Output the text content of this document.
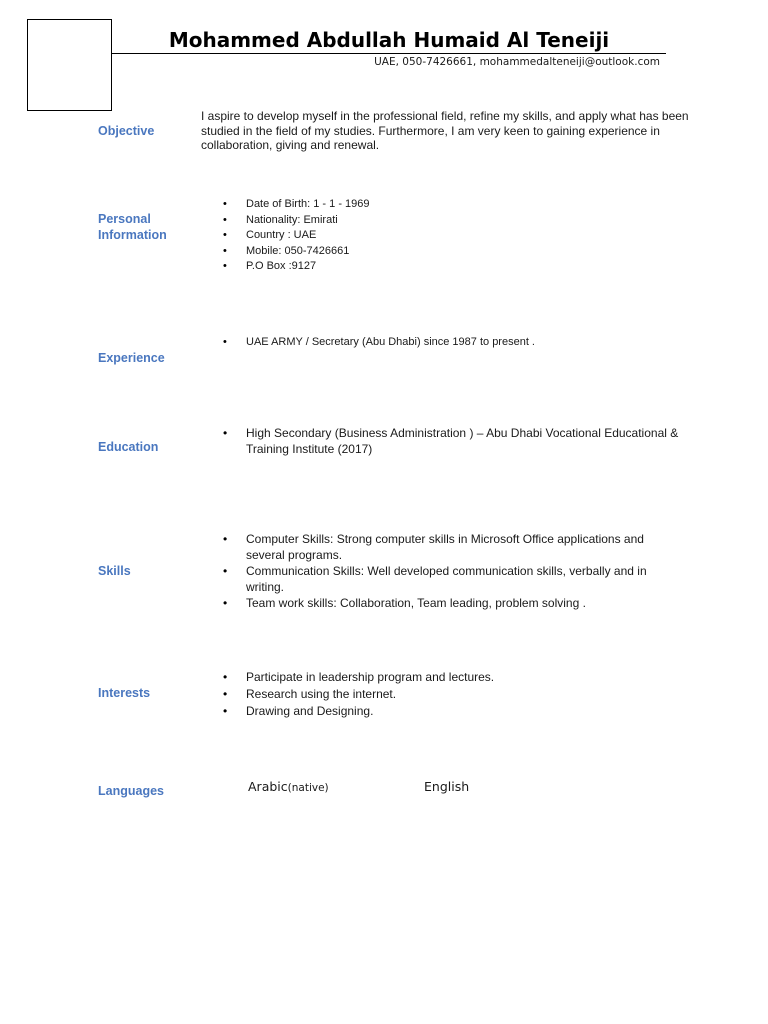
Mohammed Abdullah Humaid Al Teneiji
UAE, 050-7426661, mohammedalteneiji@outlook.com
Objective
I aspire to develop myself in the professional field, refine my skills, and apply what has been studied in the field of my studies. Furthermore, I am very keen to gaining experience in collaboration, giving and renewal.
Personal Information
• Date of Birth: 1 - 1 - 1969
• Nationality: Emirati
• Country : UAE
• Mobile: 050-7426661
• P.O Box :9127
Experience
• UAE ARMY / Secretary (Abu Dhabi) since 1987 to present .
Education
• High Secondary (Business Administration ) – Abu Dhabi Vocational Educational & Training Institute (2017)
Skills
• Computer Skills: Strong computer skills in Microsoft Office applications and several programs.
• Communication Skills: Well developed communication skills, verbally and in writing.
• Team work skills: Collaboration, Team leading, problem solving .
Interests
• Participate in leadership program and lectures.
• Research using the internet.
• Drawing and Designing.
Languages	Arabic(native)	English
